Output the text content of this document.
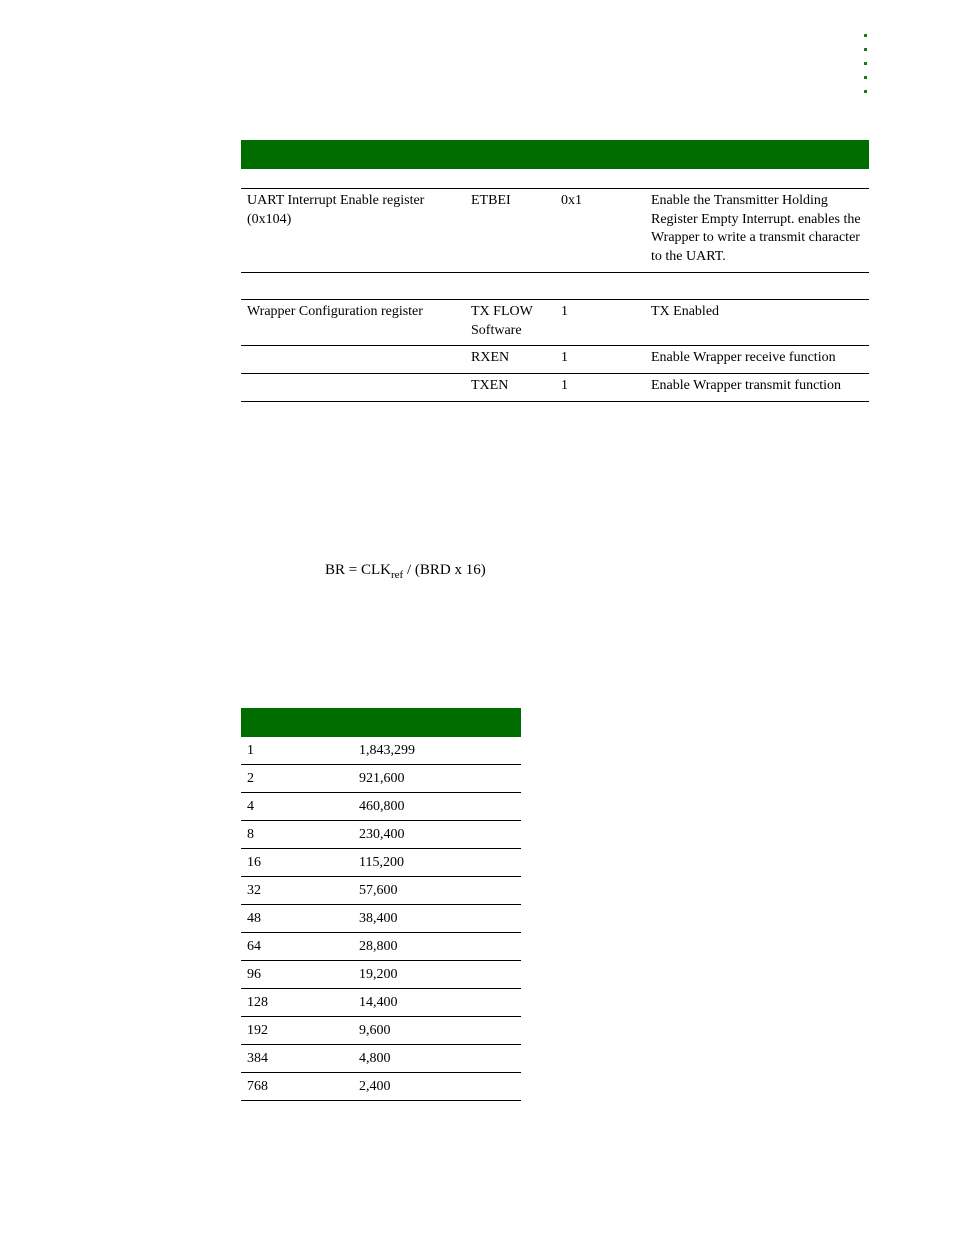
UART Interrupt Enable register (0x104)	ETBEI	0x1	Enable the Transmitter Holding Register Empty Interrupt. enables the Wrapper to write a transmit character to the UART.

Wrapper Configuration register	TX FLOW Software	1	TX Enabled
	RXEN	1	Enable Wrapper receive function
	TXEN	1	Enable Wrapper transmit function
BR = $CLK_{ref} / (BRD$ x 16)

1	1,843,299
2	921,600
4	460,800
8	230,400
16	115,200
32	57,600
48	38,400
64	28,800
96	19,200
128	14,400
192	9,600
384	4,800
768	2,400
